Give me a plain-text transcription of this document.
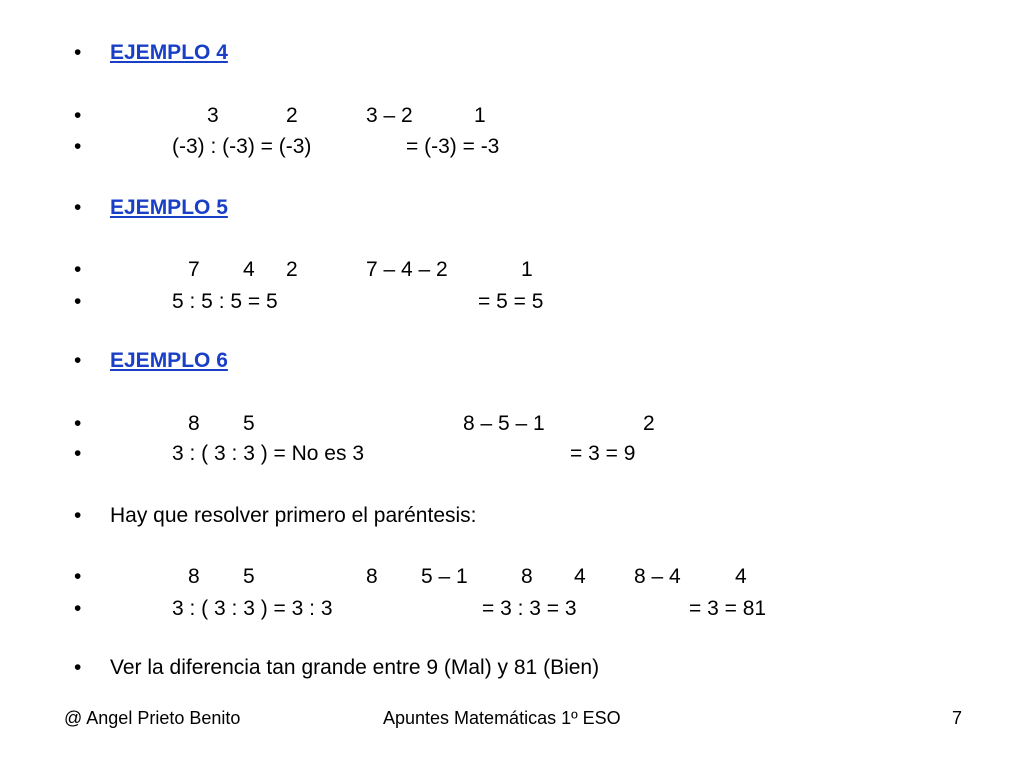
• EJEMPLO 4
•	3	2	3 – 2	1
•	(-3) : (-3) = (-3)	= (-3) = -3
• EJEMPLO 5
•	7 4 2	7 – 4 – 2	1
•	5 : 5 : 5 = 5	= 5 = 5
• EJEMPLO 6
•	8 5	8 – 5 – 1	2
•	3 : ( 3 : 3 ) = No es 3	= 3 = 9
• Hay que resolver primero el paréntesis:
•	8 5	8 5 – 1	8 4 8 – 4	4
•	3 : ( 3 : 3 ) = 3 : 3	= 3 : 3 = 3	= 3 = 81
• Ver la diferencia tan grande entre 9 (Mal) y 81 (Bien)
@ Angel Prieto Benito	Apuntes Matemáticas 1º ESO	7
